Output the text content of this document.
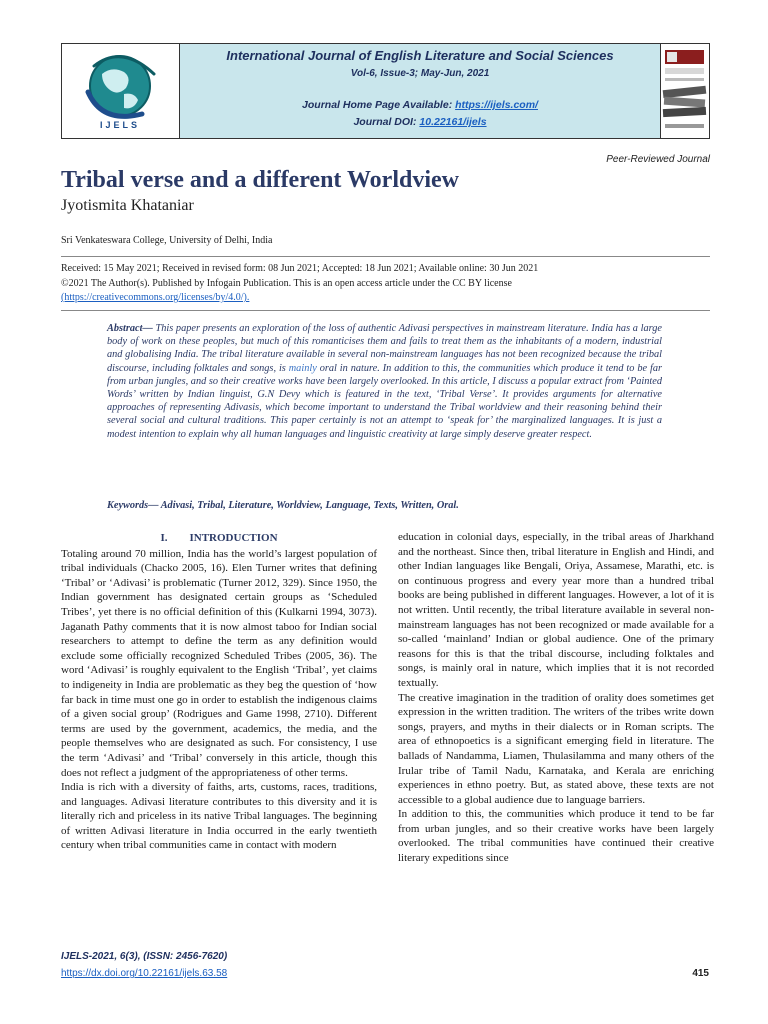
IJELS
International Journal of English Literature and Social Sciences
Vol-6, Issue-3; May-Jun, 2021
Journal Home Page Available: https://ijels.com/
Journal DOI: 10.22161/ijels
Peer-Reviewed Journal
Tribal verse and a different Worldview
Jyotismita Khataniar
Sri Venkateswara College, University of Delhi, India
Received: 15 May 2021; Received in revised form: 08 Jun 2021; Accepted: 18 Jun 2021; Available online: 30 Jun 2021
©2021 The Author(s). Published by Infogain Publication. This is an open access article under the CC BY license
(https://creativecommons.org/licenses/by/4.0/).
Abstract— This paper presents an exploration of the loss of authentic Adivasi perspectives in mainstream literature. India has a large body of work on these peoples, but much of this romanticises them and fails to treat them as the inhabitants of a modern, industrial and globalising India. The tribal literature available in several non-mainstream languages has not been recognized because the tribal discourse, including folktales and songs, is mainly oral in nature. In addition to this, the communities which produce it tend to be far from urban jungles, and so their creative works have been largely overlooked. In this article, I discuss a popular extract from ‘Painted Words’ written by Indian linguist, G.N Devy which is featured in the text, ‘Tribal Verse’. It provides arguments for alternative approaches of representing Adivasis, which become important to understand the Tribal worldview and their reasoning behind their several social and cultural traditions. This paper certainly is not an attempt to ‘speak for’ the marginalized languages. It is just a modest intention to explain why all human languages and linguistic creativity at large simply deserve greater respect.
Keywords— Adivasi, Tribal, Literature, Worldview, Language, Texts, Written, Oral.
I. INTRODUCTION

Totaling around 70 million, India has the world’s largest population of tribal individuals (Chacko 2005, 16). Elen Turner writes that defining ‘Tribal’ or ‘Adivasi’ is problematic (Turner 2012, 329). Since 1950, the Indian government has designated certain groups as ‘Scheduled Tribes’, yet there is no official definition of this (Kulkarni 1994, 3073). Jaganath Pathy comments that it is now almost taboo for Indian social researchers to attempt to define the term as any definition would exclude some officially recognized Scheduled Tribes (2005, 36). The word ‘Adivasi’ is roughly equivalent to the English ‘Tribal’, yet claims to indigeneity in India are problematic as they beg the question of ‘how far back in time must one go in order to establish the indigenous claims of a given social group’ (Rodrigues and Game 1998, 2710). Different terms are used by the government, academics, the media, and the people themselves who are designated as such. For consistency, I use the term ‘Adivasi’ and ‘Tribal’ conversely in this article, though this does not reflect a judgment of the appropriateness of other terms.

India is rich with a diversity of faiths, arts, customs, races, traditions, and languages. Adivasi literature contributes to this diversity and it is literally rich and priceless in its native Tribal languages. The beginning of written Adivasi literature in India occurred in the early twentieth century when tribal communities came in contact with modern

education in colonial days, especially, in the tribal areas of Jharkhand and the northeast. Since then, tribal literature in English and Hindi, and other Indian languages like Bengali, Oriya, Assamese, Marathi, etc. is on continuous progress and every year more than a hundred tribal books are being published in different languages. However, a lot of it is not written. Until recently, the tribal literature available in several non-mainstream languages has not been recognized or made available for a so-called ‘mainland’ Indian or global audience. One of the primary reasons for this is that the tribal discourse, including folktales and songs, is mainly oral in nature, which implies that it is not recorded textually.

The creative imagination in the tradition of orality does sometimes get expression in the written tradition. The writers of the tribes write down songs, prayers, and myths in their dialects or in Roman scripts. The area of ethnopoetics is a significant emerging field in literature. The ballads of Nandamma, Liamen, Thulasilamma and many others of the Irular tribe of Tamil Nadu, Karnataka, and Kerala are enriching experiences in ethno poetry. But, as stated above, these texts are not accessible to a global audience due to language barriers.

In addition to this, the communities which produce it tend to be far from urban jungles, and so their creative works have been largely overlooked. The tribal communities have continued their creative literary expeditions since

IJELS-2021, 6(3), (ISSN: 2456-7620)
https://dx.doi.org/10.22161/ijels.63.58	415
